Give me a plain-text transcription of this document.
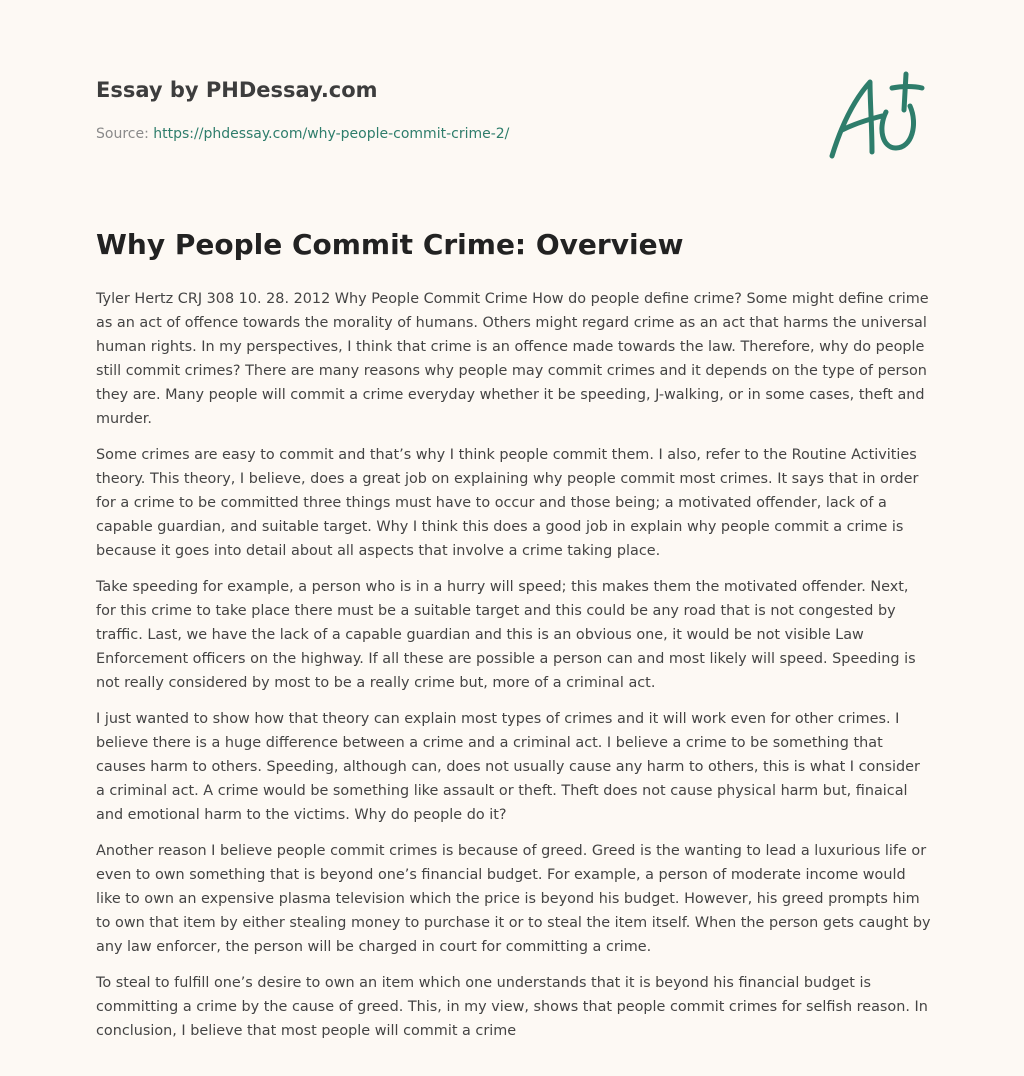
Essay by PHDessay.com
Source: https://phdessay.com/why-people-commit-crime-2/
Why People Commit Crime: Overview

Tyler Hertz CRJ 308 10. 28. 2012 Why People Commit Crime How do people define crime? Some might define crime as an act of offence towards the morality of humans. Others might regard crime as an act that harms the universal human rights. In my perspectives, I think that crime is an offence made towards the law. Therefore, why do people still commit crimes? There are many reasons why people may commit crimes and it depends on the type of person they are. Many people will commit a crime everyday whether it be speeding, J-walking, or in some cases, theft and murder.

Some crimes are easy to commit and that’s why I think people commit them. I also, refer to the Routine Activities theory. This theory, I believe, does a great job on explaining why people commit most crimes. It says that in order for a crime to be committed three things must have to occur and those being; a motivated offender, lack of a capable guardian, and suitable target. Why I think this does a good job in explain why people commit a crime is because it goes into detail about all aspects that involve a crime taking place.

Take speeding for example, a person who is in a hurry will speed; this makes them the motivated offender. Next, for this crime to take place there must be a suitable target and this could be any road that is not congested by traffic. Last, we have the lack of a capable guardian and this is an obvious one, it would be not visible Law Enforcement officers on the highway. If all these are possible a person can and most likely will speed. Speeding is not really considered by most to be a really crime but, more of a criminal act.

I just wanted to show how that theory can explain most types of crimes and it will work even for other crimes. I believe there is a huge difference between a crime and a criminal act. I believe a crime to be something that causes harm to others. Speeding, although can, does not usually cause any harm to others, this is what I consider a criminal act. A crime would be something like assault or theft. Theft does not cause physical harm but, finaical and emotional harm to the victims. Why do people do it?

Another reason I believe people commit crimes is because of greed. Greed is the wanting to lead a luxurious life or even to own something that is beyond one’s financial budget. For example, a person of moderate income would like to own an expensive plasma television which the price is beyond his budget. However, his greed prompts him to own that item by either stealing money to purchase it or to steal the item itself. When the person gets caught by any law enforcer, the person will be charged in court for committing a crime.

To steal to fulfill one’s desire to own an item which one understands that it is beyond his financial budget is committing a crime by the cause of greed. This, in my view, shows that people commit crimes for selfish reason. In conclusion, I believe that most people will commit a crime
